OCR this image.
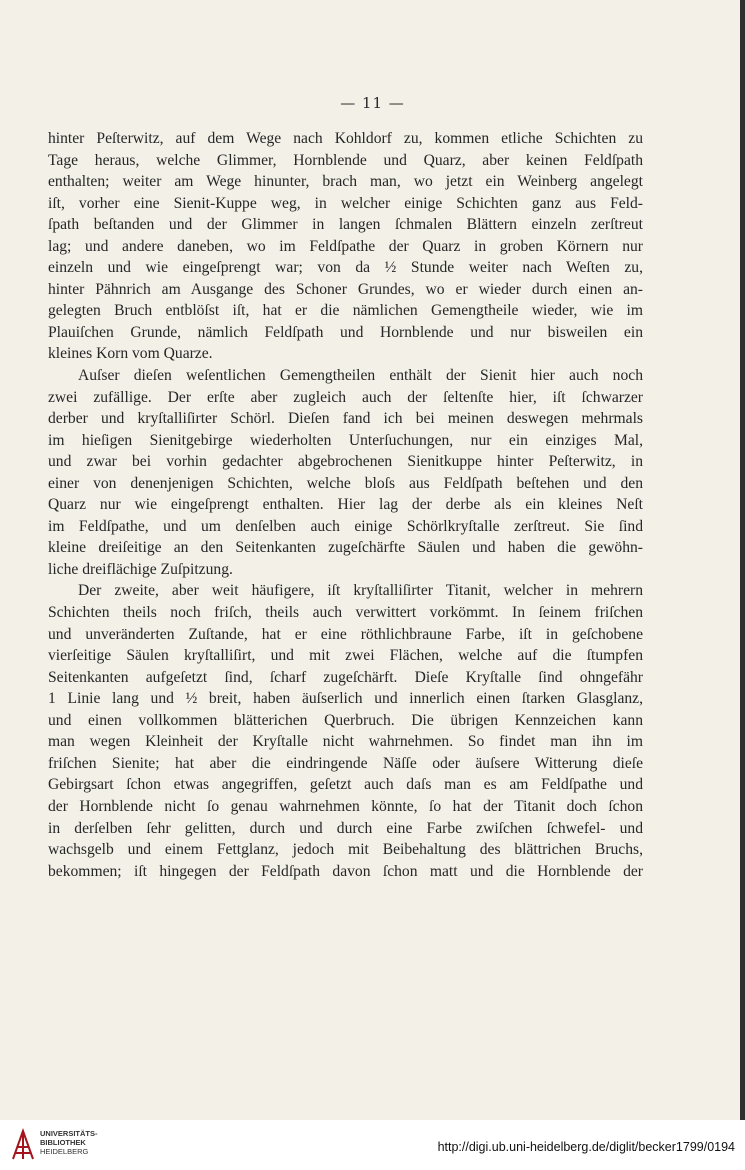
— 11 —
hinter Peſterwitz, auf dem Wege nach Kohldorf zu, kommen etliche Schichten zu
Tage heraus, welche Glimmer, Hornblende und Quarz, aber keinen Feldſpath
enthalten; weiter am Wege hinunter, brach man, wo jetzt ein Weinberg angelegt
iſt, vorher eine Sienit-Kuppe weg, in welcher einige Schichten ganz aus Feld-
ſpath beſtanden und der Glimmer in langen ſchmalen Blättern einzeln zerſtreut
lag; und andere daneben, wo im Feldſpathe der Quarz in groben Körnern nur
einzeln und wie eingeſprengt war; von da ½ Stunde weiter nach Weſten zu,
hinter Pähnrich am Ausgange des Schoner Grundes, wo er wieder durch einen an-
gelegten Bruch entblöſst iſt, hat er die nämlichen Gemengtheile wieder, wie im
Plauiſchen Grunde, nämlich Feldſpath und Hornblende und nur bisweilen ein
kleines Korn vom Quarze.
Auſser dieſen weſentlichen Gemengtheilen enthält der Sienit hier auch noch
zwei zufällige. Der erſte aber zugleich auch der ſeltenſte hier, iſt ſchwarzer
derber und kryſtalliſirter Schörl. Dieſen fand ich bei meinen deswegen mehrmals
im hieſigen Sienitgebirge wiederholten Unterſuchungen, nur ein einziges Mal,
und zwar bei vorhin gedachter abgebrochenen Sienitkuppe hinter Peſterwitz, in
einer von denenjenigen Schichten, welche bloſs aus Feldſpath beſtehen und den
Quarz nur wie eingeſprengt enthalten. Hier lag der derbe als ein kleines Neſt
im Feldſpathe, und um denſelben auch einige Schörlkryſtalle zerſtreut. Sie ſind
kleine dreiſeitige an den Seitenkanten zugeſchärfte Säulen und haben die gewöhn-
liche dreiflächige Zuſpitzung.
Der zweite, aber weit häufigere, iſt kryſtalliſirter Titanit, welcher in mehrern
Schichten theils noch friſch, theils auch verwittert vorkömmt. In ſeinem friſchen
und unveränderten Zuſtande, hat er eine röthlichbraune Farbe, iſt in geſchobene
vierſeitige Säulen kryſtalliſirt, und mit zwei Flächen, welche auf die ſtumpfen
Seitenkanten aufgeſetzt ſind, ſcharf zugeſchärft. Dieſe Kryſtalle ſind ohngefähr
1 Linie lang und ½ breit, haben äuſserlich und innerlich einen ſtarken Glasglanz,
und einen vollkommen blätterichen Querbruch. Die übrigen Kennzeichen kann
man wegen Kleinheit der Kryſtalle nicht wahrnehmen. So findet man ihn im
friſchen Sienite; hat aber die eindringende Näſſe oder äuſsere Witterung dieſe
Gebirgsart ſchon etwas angegriffen, geſetzt auch daſs man es am Feldſpathe und
der Hornblende nicht ſo genau wahrnehmen könnte, ſo hat der Titanit doch ſchon
in derſelben ſehr gelitten, durch und durch eine Farbe zwiſchen ſchwefel- und
wachsgelb und einem Fettglanz, jedoch mit Beibehaltung des blättrichen Bruchs,
bekommen; iſt hingegen der Feldſpath davon ſchon matt und die Hornblende der
UNIVERSITÄTS-
BIBLIOTHEK
HEIDELBERG	http://digi.ub.uni-heidelberg.de/diglit/becker1799/0194
